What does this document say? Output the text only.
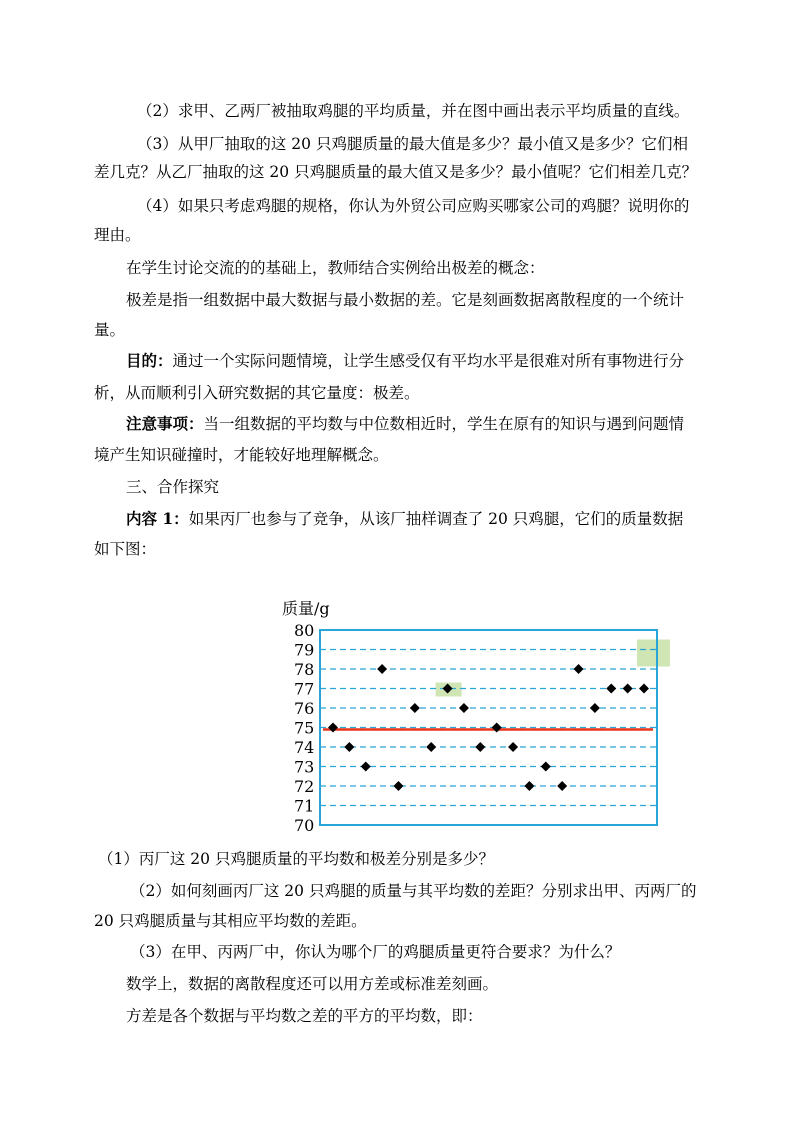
（2）求甲、乙两厂被抽取鸡腿的平均质量，并在图中画出表示平均质量的直线。
（3）从甲厂抽取的这 20 只鸡腿质量的最大值是多少？最小值又是多少？它们相
差几克？从乙厂抽取的这 20 只鸡腿质量的最大值又是多少？最小值呢？它们相差几克？
（4）如果只考虑鸡腿的规格，你认为外贸公司应购买哪家公司的鸡腿？说明你的
理由。
在学生讨论交流的的基础上，教师结合实例给出极差的概念：
极差是指一组数据中最大数据与最小数据的差。它是刻画数据离散程度的一个统计
量。
目的：通过一个实际问题情境，让学生感受仅有平均水平是很难对所有事物进行分
析，从而顺利引入研究数据的其它量度：极差。
注意事项：当一组数据的平均数与中位数相近时，学生在原有的知识与遇到问题情
境产生知识碰撞时，才能较好地理解概念。
三、合作探究
内容 1：如果丙厂也参与了竞争，从该厂抽样调查了 20 只鸡腿，它们的质量数据
如下图：
质量/g
70
71
72
73
74
75
76
77
78
79
80
（1）丙厂这 20 只鸡腿质量的平均数和极差分别是多少？
（2）如何刻画丙厂这 20 只鸡腿的质量与其平均数的差距？分别求出甲、丙两厂的
20 只鸡腿质量与其相应平均数的差距。
（3）在甲、丙两厂中，你认为哪个厂的鸡腿质量更符合要求？为什么？
数学上，数据的离散程度还可以用方差或标准差刻画。
方差是各个数据与平均数之差的平方的平均数，即：
